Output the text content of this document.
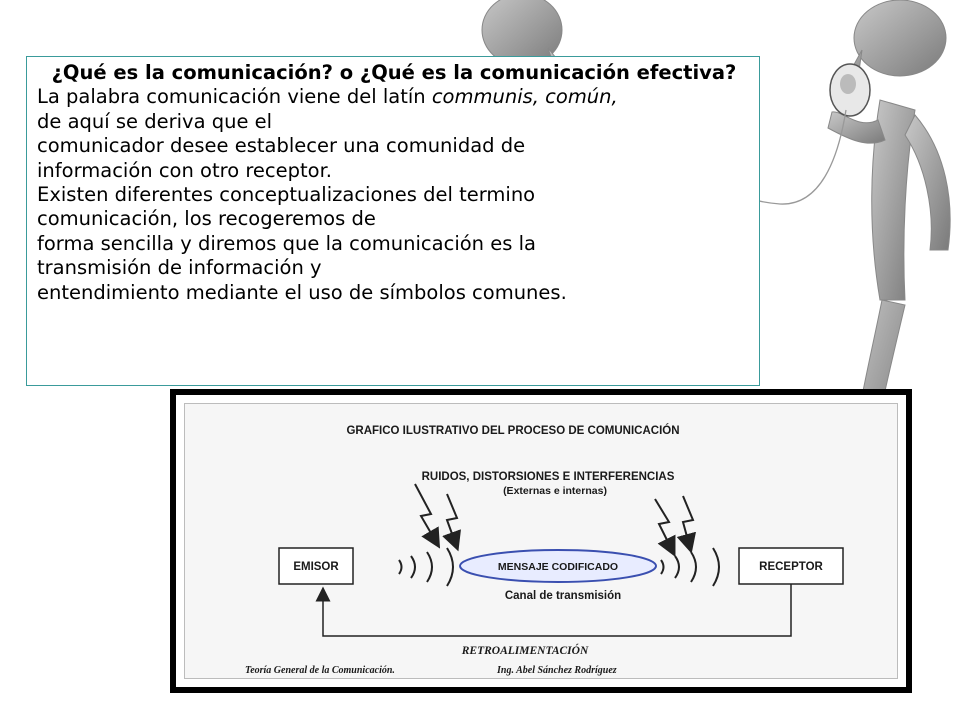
¿Qué es la comunicación? o ¿Qué es la comunicación efectiva?

La palabra comunicación viene del latín communis, común,

de aquí se deriva que el

comunicador desee establecer una comunidad de

información con otro receptor.

Existen diferentes conceptualizaciones del termino

comunicación, los recogeremos de

forma sencilla y diremos que la comunicación es la

transmisión de información y

entendimiento mediante el uso de símbolos comunes.

GRAFICO ILUSTRATIVO DEL PROCESO DE COMUNICACIÓN
RUIDOS, DISTORSIONES E INTERFERENCIAS
(Externas e internas)
EMISOR	RECEPTOR
MENSAJE CODIFICADO
Canal de transmisión
RETROALIMENTACIÓN
Teoría General de la Comunicación.	Ing. Abel Sánchez Rodríguez
